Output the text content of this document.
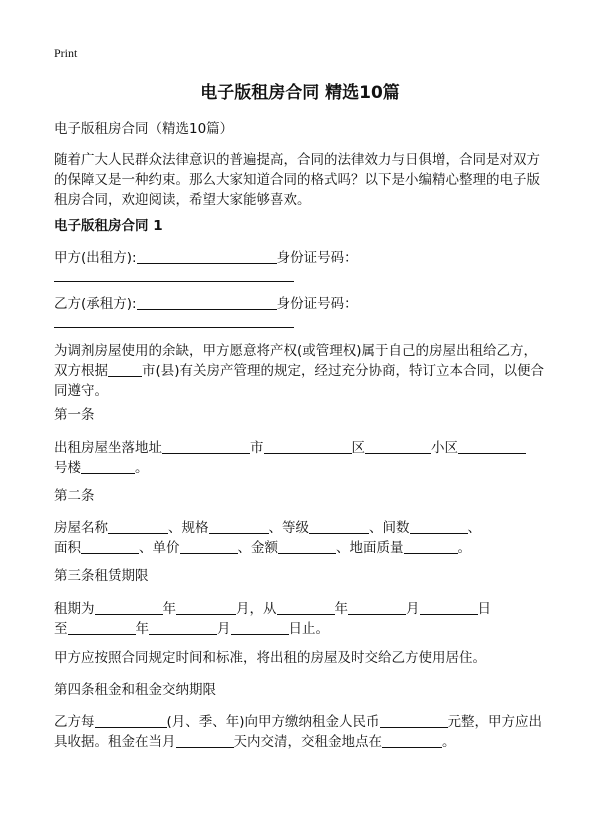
Print
电子版租房合同 精选10篇
电子版租房合同（精选10篇）
随着广大人民群众法律意识的普遍提高，合同的法律效力与日俱增，合同是对双方的保障又是一种约束。那么大家知道合同的格式吗？以下是小编精心整理的电子版租房合同，欢迎阅读，希望大家能够喜欢。
电子版租房合同 1
甲方(出租方):	身份证号码：
乙方(承租方):	身份证号码：
为调剂房屋使用的余缺，甲方愿意将产权(或管理权)属于自己的房屋出租给乙方，双方根据	市(县)有关房产管理的规定，经过充分协商，特订立本合同，以便合同遵守。
第一条
出租房屋坐落地址	市	区	小区
号楼	。
第二条
房屋名称	、规格	、等级	、间数	、
面积	、单价	、金额	、地面质量	。
第三条租赁期限
租期为	年	月，从	年	月	日
至	年	月	日止。
甲方应按照合同规定时间和标准，将出租的房屋及时交给乙方使用居住。
第四条租金和租金交纳期限
乙方每	(月、季、年)向甲方缴纳租金人民币	元整，甲方应出具收据。租金在当月	天内交清，交租金地点在	。
